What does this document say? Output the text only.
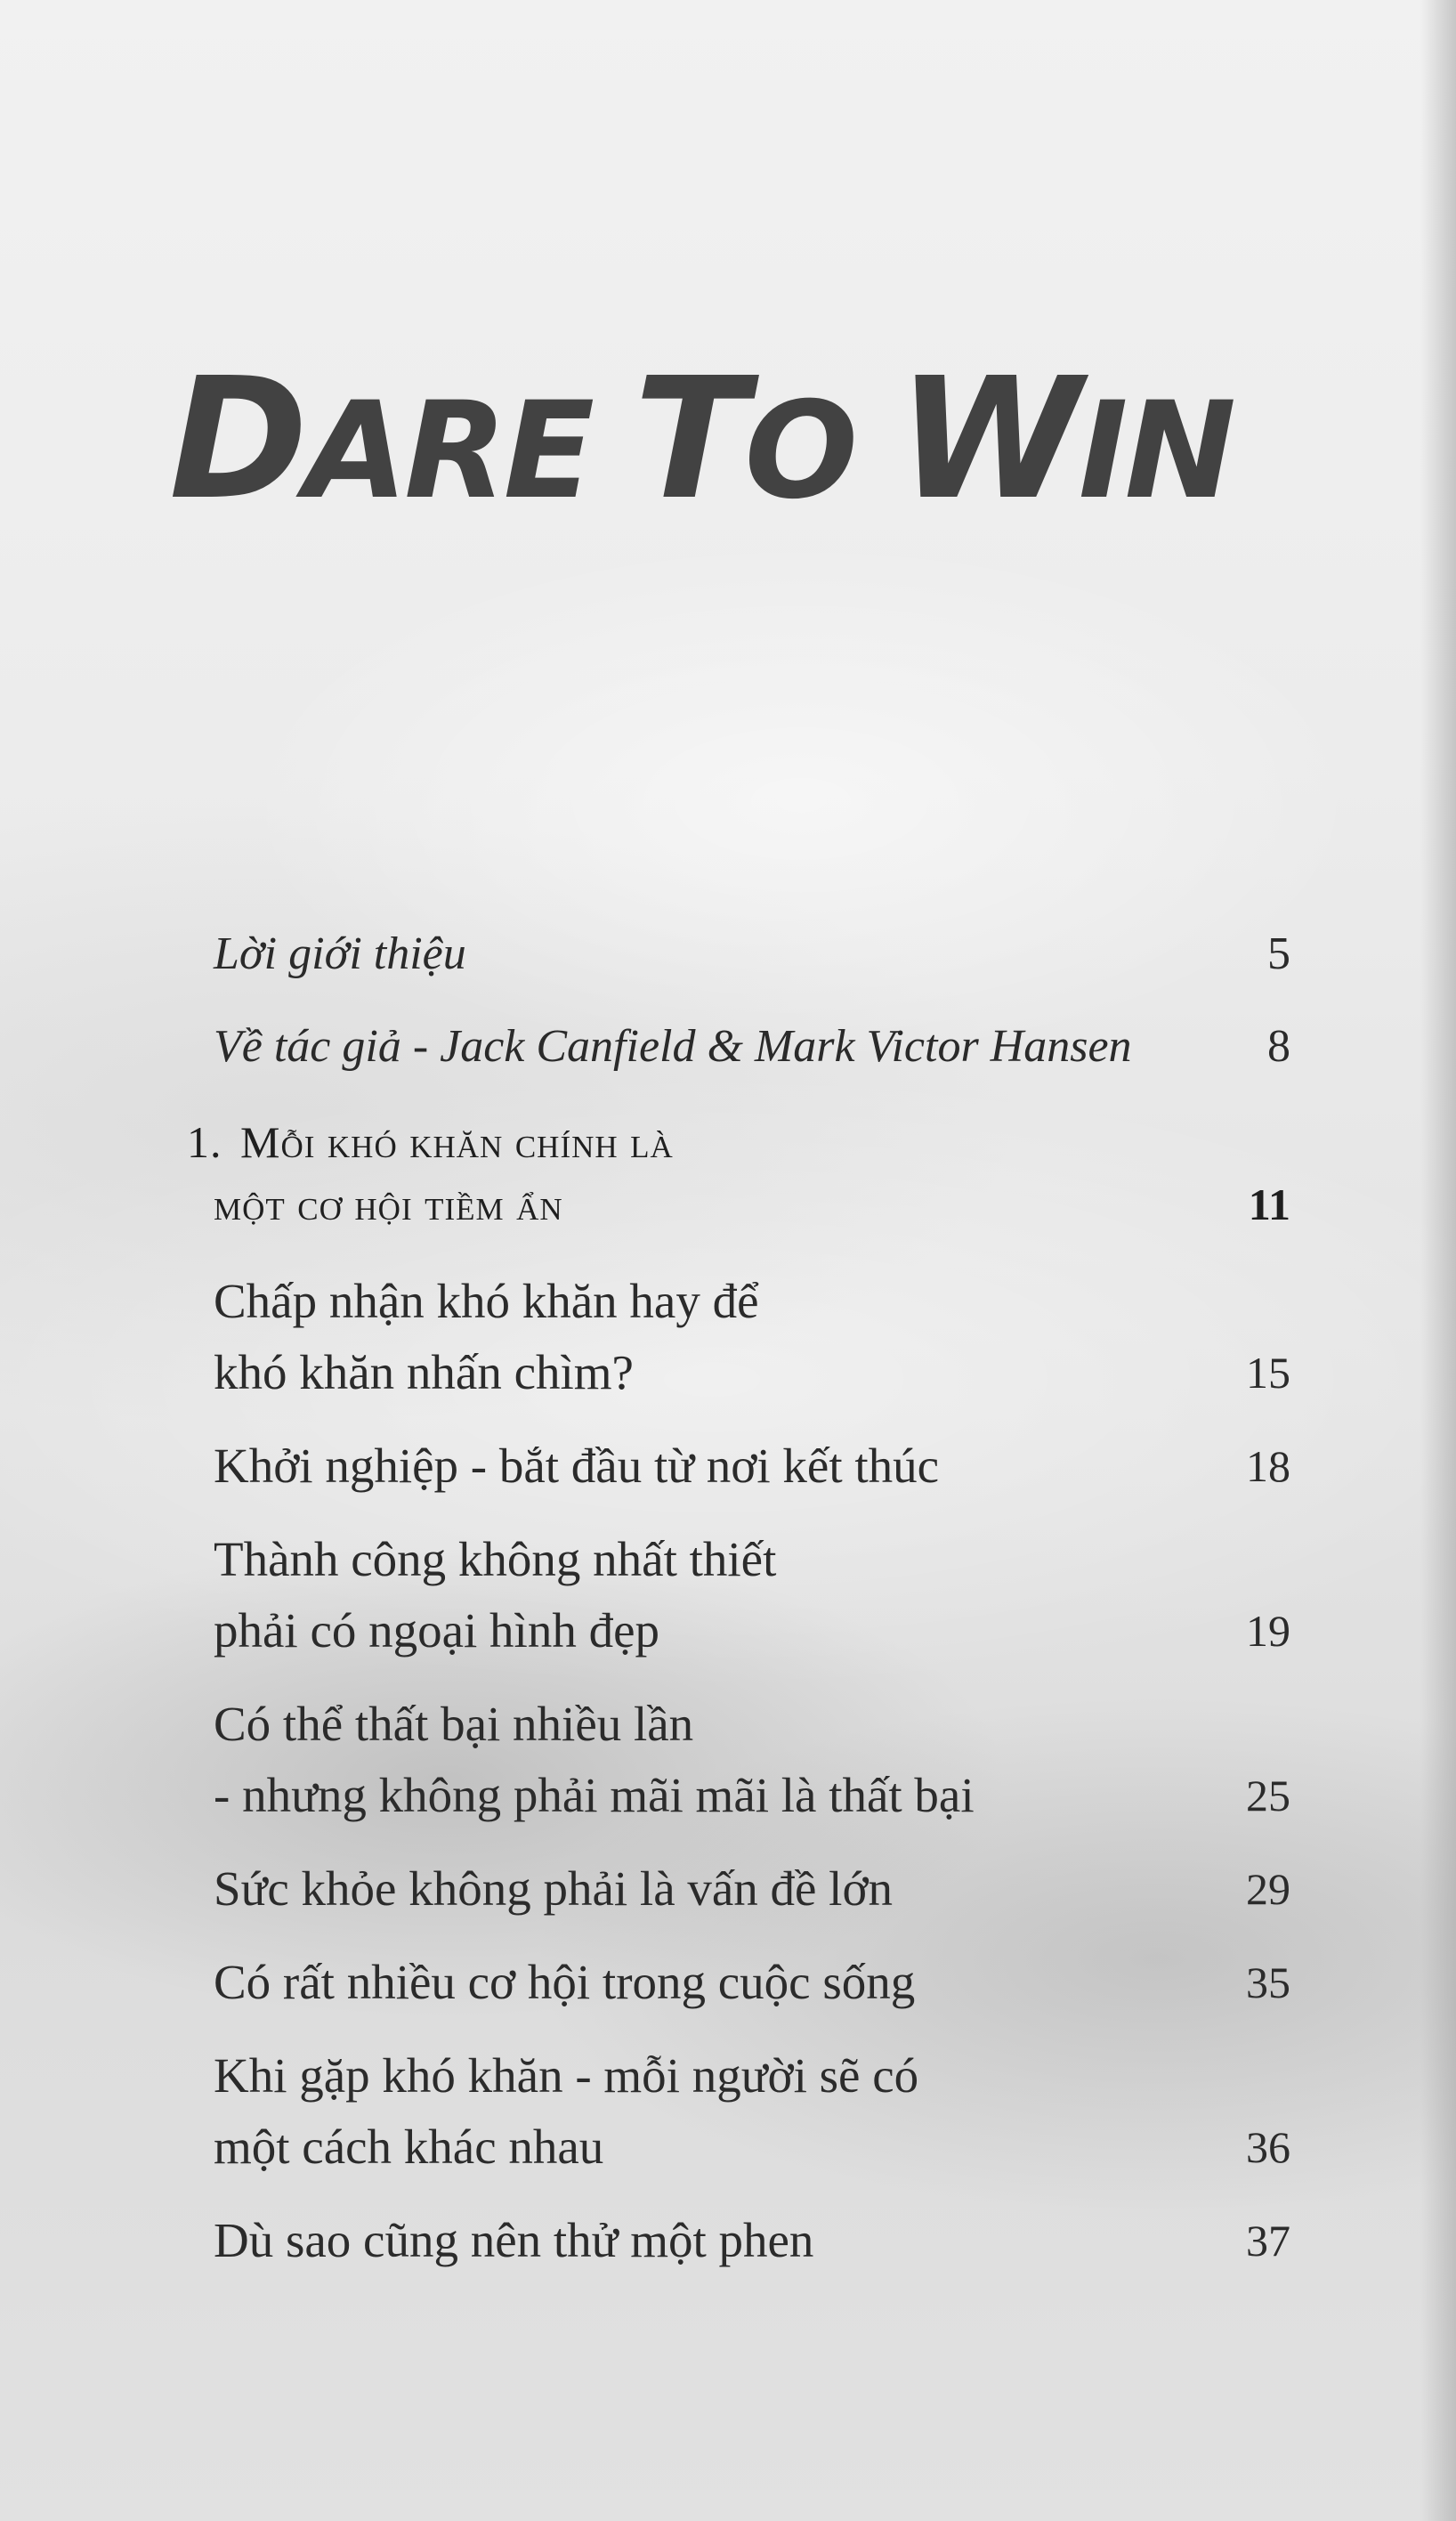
DARE TO WIN
Lời giới thiệu	5
Về tác giả - Jack Canfield & Mark Victor Hansen	8
1. Mỗi khó khăn chính là
một cơ hội tiềm ẩn	11
Chấp nhận khó khăn hay để
khó khăn nhấn chìm?	15
Khởi nghiệp - bắt đầu từ nơi kết thúc	18
Thành công không nhất thiết
phải có ngoại hình đẹp	19
Có thể thất bại nhiều lần
- nhưng không phải mãi mãi là thất bại	25
Sức khỏe không phải là vấn đề lớn	29
Có rất nhiều cơ hội trong cuộc sống	35
Khi gặp khó khăn - mỗi người sẽ có
một cách khác nhau	36
Dù sao cũng nên thử một phen	37
